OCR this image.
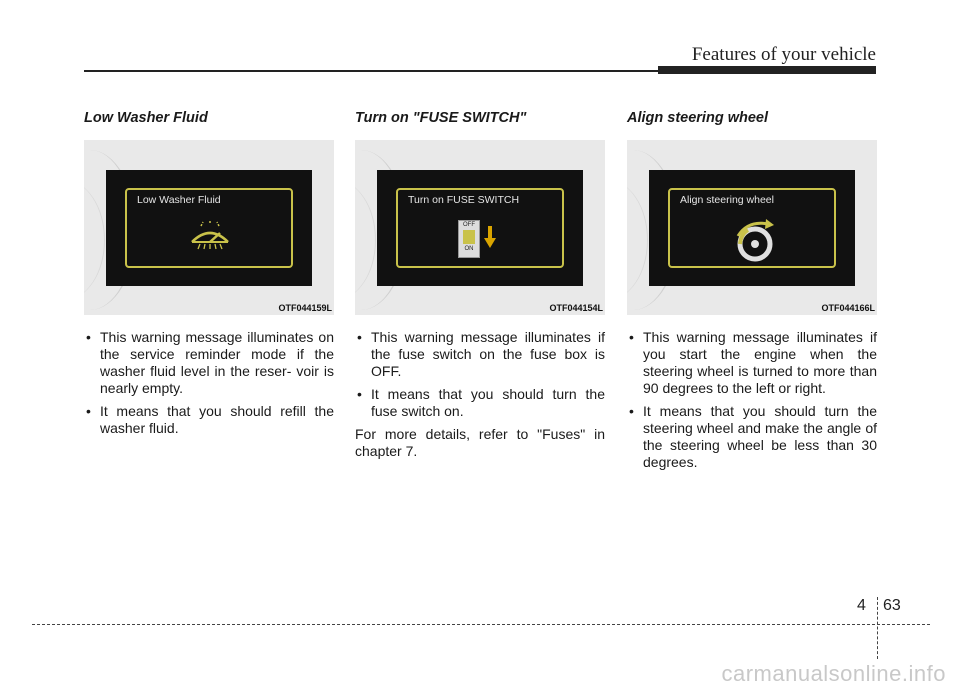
Features of your vehicle
Low Washer Fluid
Low Washer Fluid
OTF044159L
• This warning message illuminates on the service reminder mode if the washer fluid level in the reser- voir is nearly empty.
• It means that you should refill the washer fluid.
Turn on "FUSE SWITCH"
Turn on FUSE SWITCH
OFF
ON
OTF044154L
• This warning message illuminates if the fuse switch on the fuse box is OFF.
• It means that you should turn the fuse switch on.

For more details, refer to "Fuses" in chapter 7.

Align steering wheel
Align steering wheel
OTF044166L
• This warning message illuminates if you start the engine when the steering wheel is turned to more than 90 degrees to the left or right.
• It means that you should turn the steering wheel and make the angle of the steering wheel be less than 30 degrees.
4 63
carmanualsonline.info
